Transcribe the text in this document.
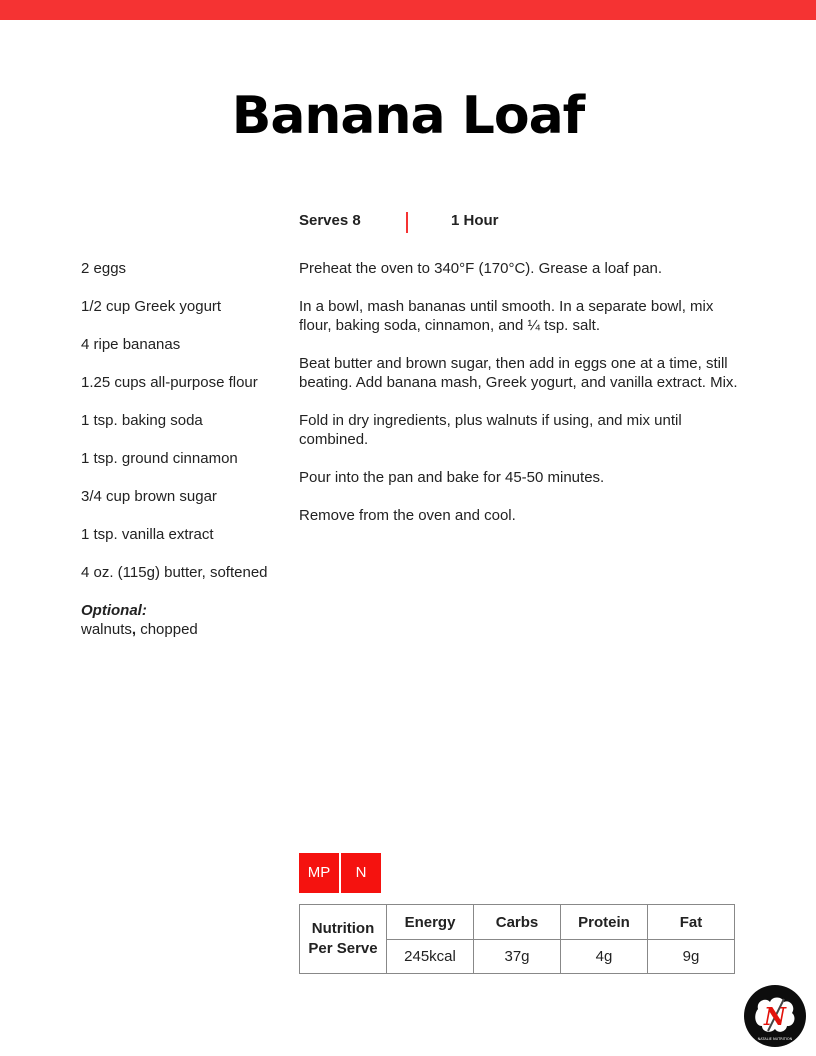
Banana Loaf
Serves 8	1 Hour
2 eggs
1/2 cup Greek yogurt
4 ripe bananas
1.25 cups all-purpose flour
1 tsp. baking soda
1 tsp. ground cinnamon
3/4 cup brown sugar
1 tsp. vanilla extract
4 oz. (115g) butter, softened
Optional:
walnuts, chopped

Preheat the oven to 340°F (170°C). Grease a loaf pan.

In a bowl, mash bananas until smooth. In a separate bowl, mix flour, baking soda, cinnamon, and ¼ tsp. salt.

Beat butter and brown sugar, then add in eggs one at a time, still beating. Add banana mash, Greek yogurt, and vanilla extract. Mix.

Fold in dry ingredients, plus walnuts if using, and mix until combined.

Pour into the pan and bake for 45-50 minutes.

Remove from the oven and cool.

MP	N
Nutrition Per Serve	Energy	Carbs	Protein	Fat
	245kcal	37g	4g	9g
N
NATALIE NUTRITION
